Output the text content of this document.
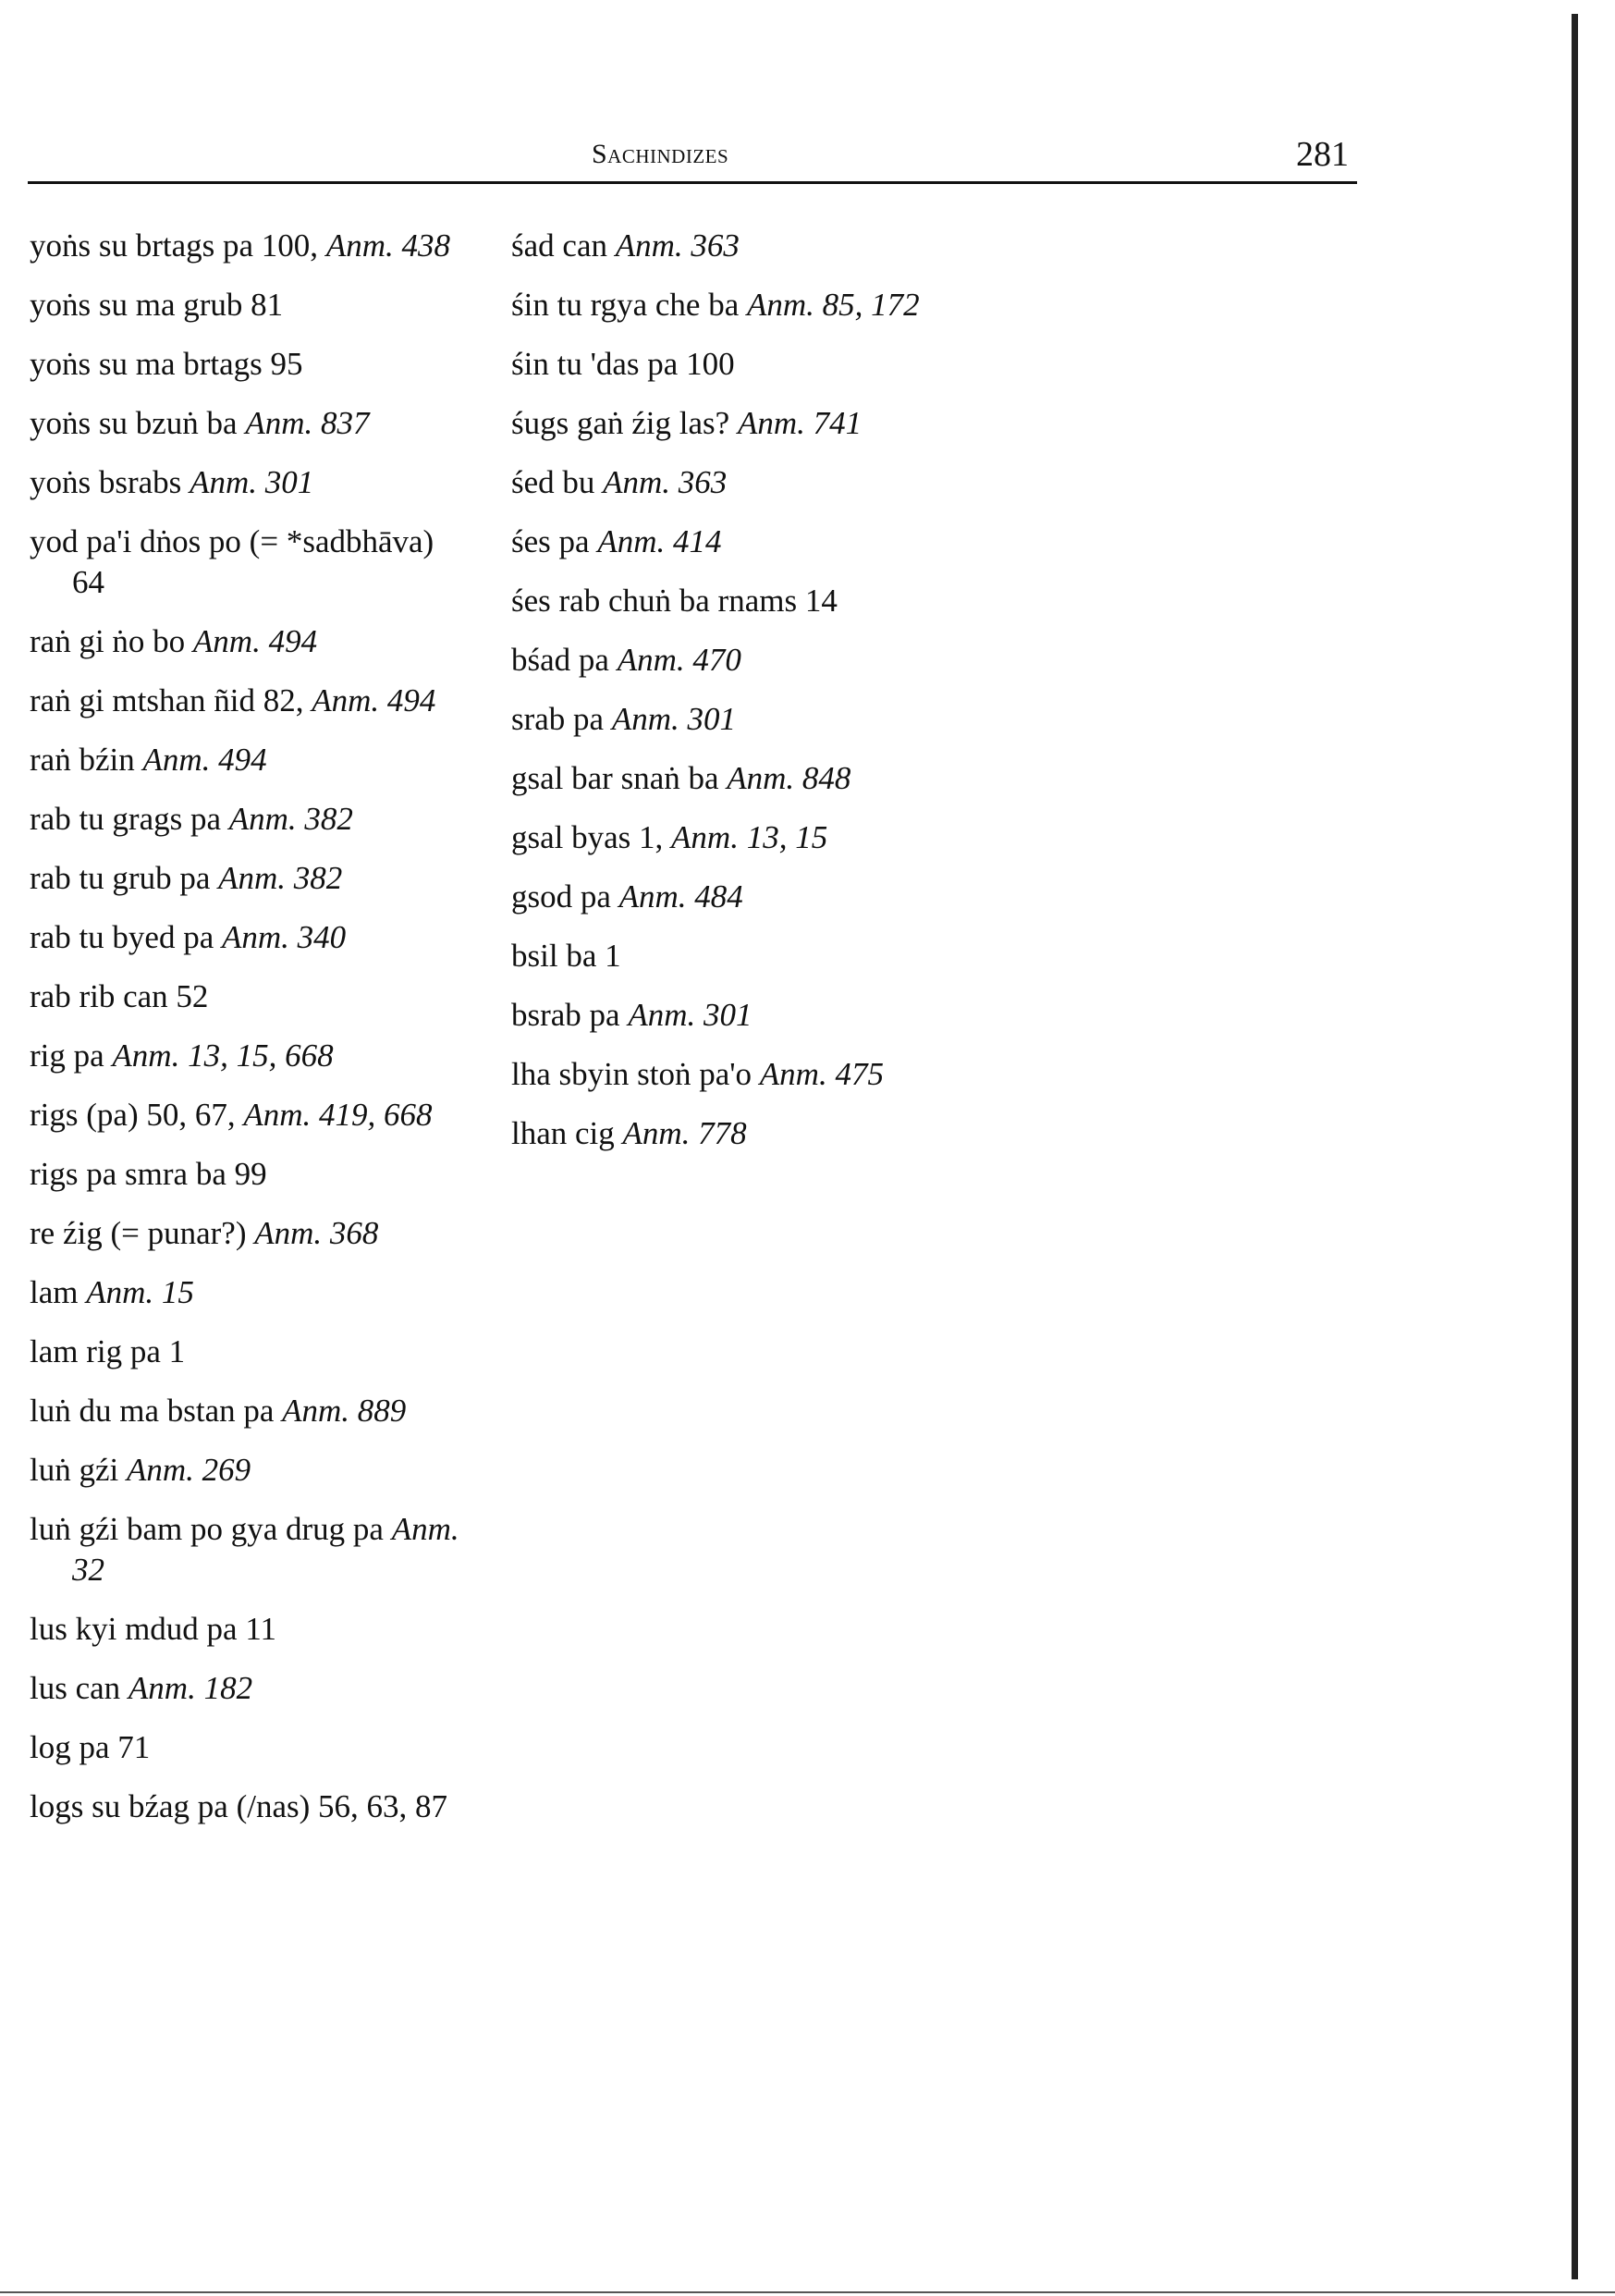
Sachindizes	281
yoṅs su brtags pa 100, Anm. 438
yoṅs su ma grub 81
yoṅs su ma brtags 95
yoṅs su bzuṅ ba Anm. 837
yoṅs bsrabs Anm. 301
yod pa'i dṅos po (= *sadbhāva) 64
raṅ gi ṅo bo Anm. 494
raṅ gi mtshan ñid 82, Anm. 494
raṅ bźin Anm. 494
rab tu grags pa Anm. 382
rab tu grub pa Anm. 382
rab tu byed pa Anm. 340
rab rib can 52
rig pa Anm. 13, 15, 668
rigs (pa) 50, 67, Anm. 419, 668
rigs pa smra ba 99
re źig (= punar?) Anm. 368
lam Anm. 15
lam rig pa 1
luṅ du ma bstan pa Anm. 889
luṅ gźi Anm. 269
luṅ gźi bam po gya drug pa Anm. 32
lus kyi mdud pa 11
lus can Anm. 182
log pa 71
logs su bźag pa (/nas) 56, 63, 87
śad can Anm. 363
śin tu rgya che ba Anm. 85, 172
śin tu 'das pa 100
śugs gaṅ źig las? Anm. 741
śed bu Anm. 363
śes pa Anm. 414
śes rab chuṅ ba rnams 14
bśad pa Anm. 470
srab pa Anm. 301
gsal bar snaṅ ba Anm. 848
gsal byas 1, Anm. 13, 15
gsod pa Anm. 484
bsil ba 1
bsrab pa Anm. 301
lha sbyin stoṅ pa'o Anm. 475
lhan cig Anm. 778
